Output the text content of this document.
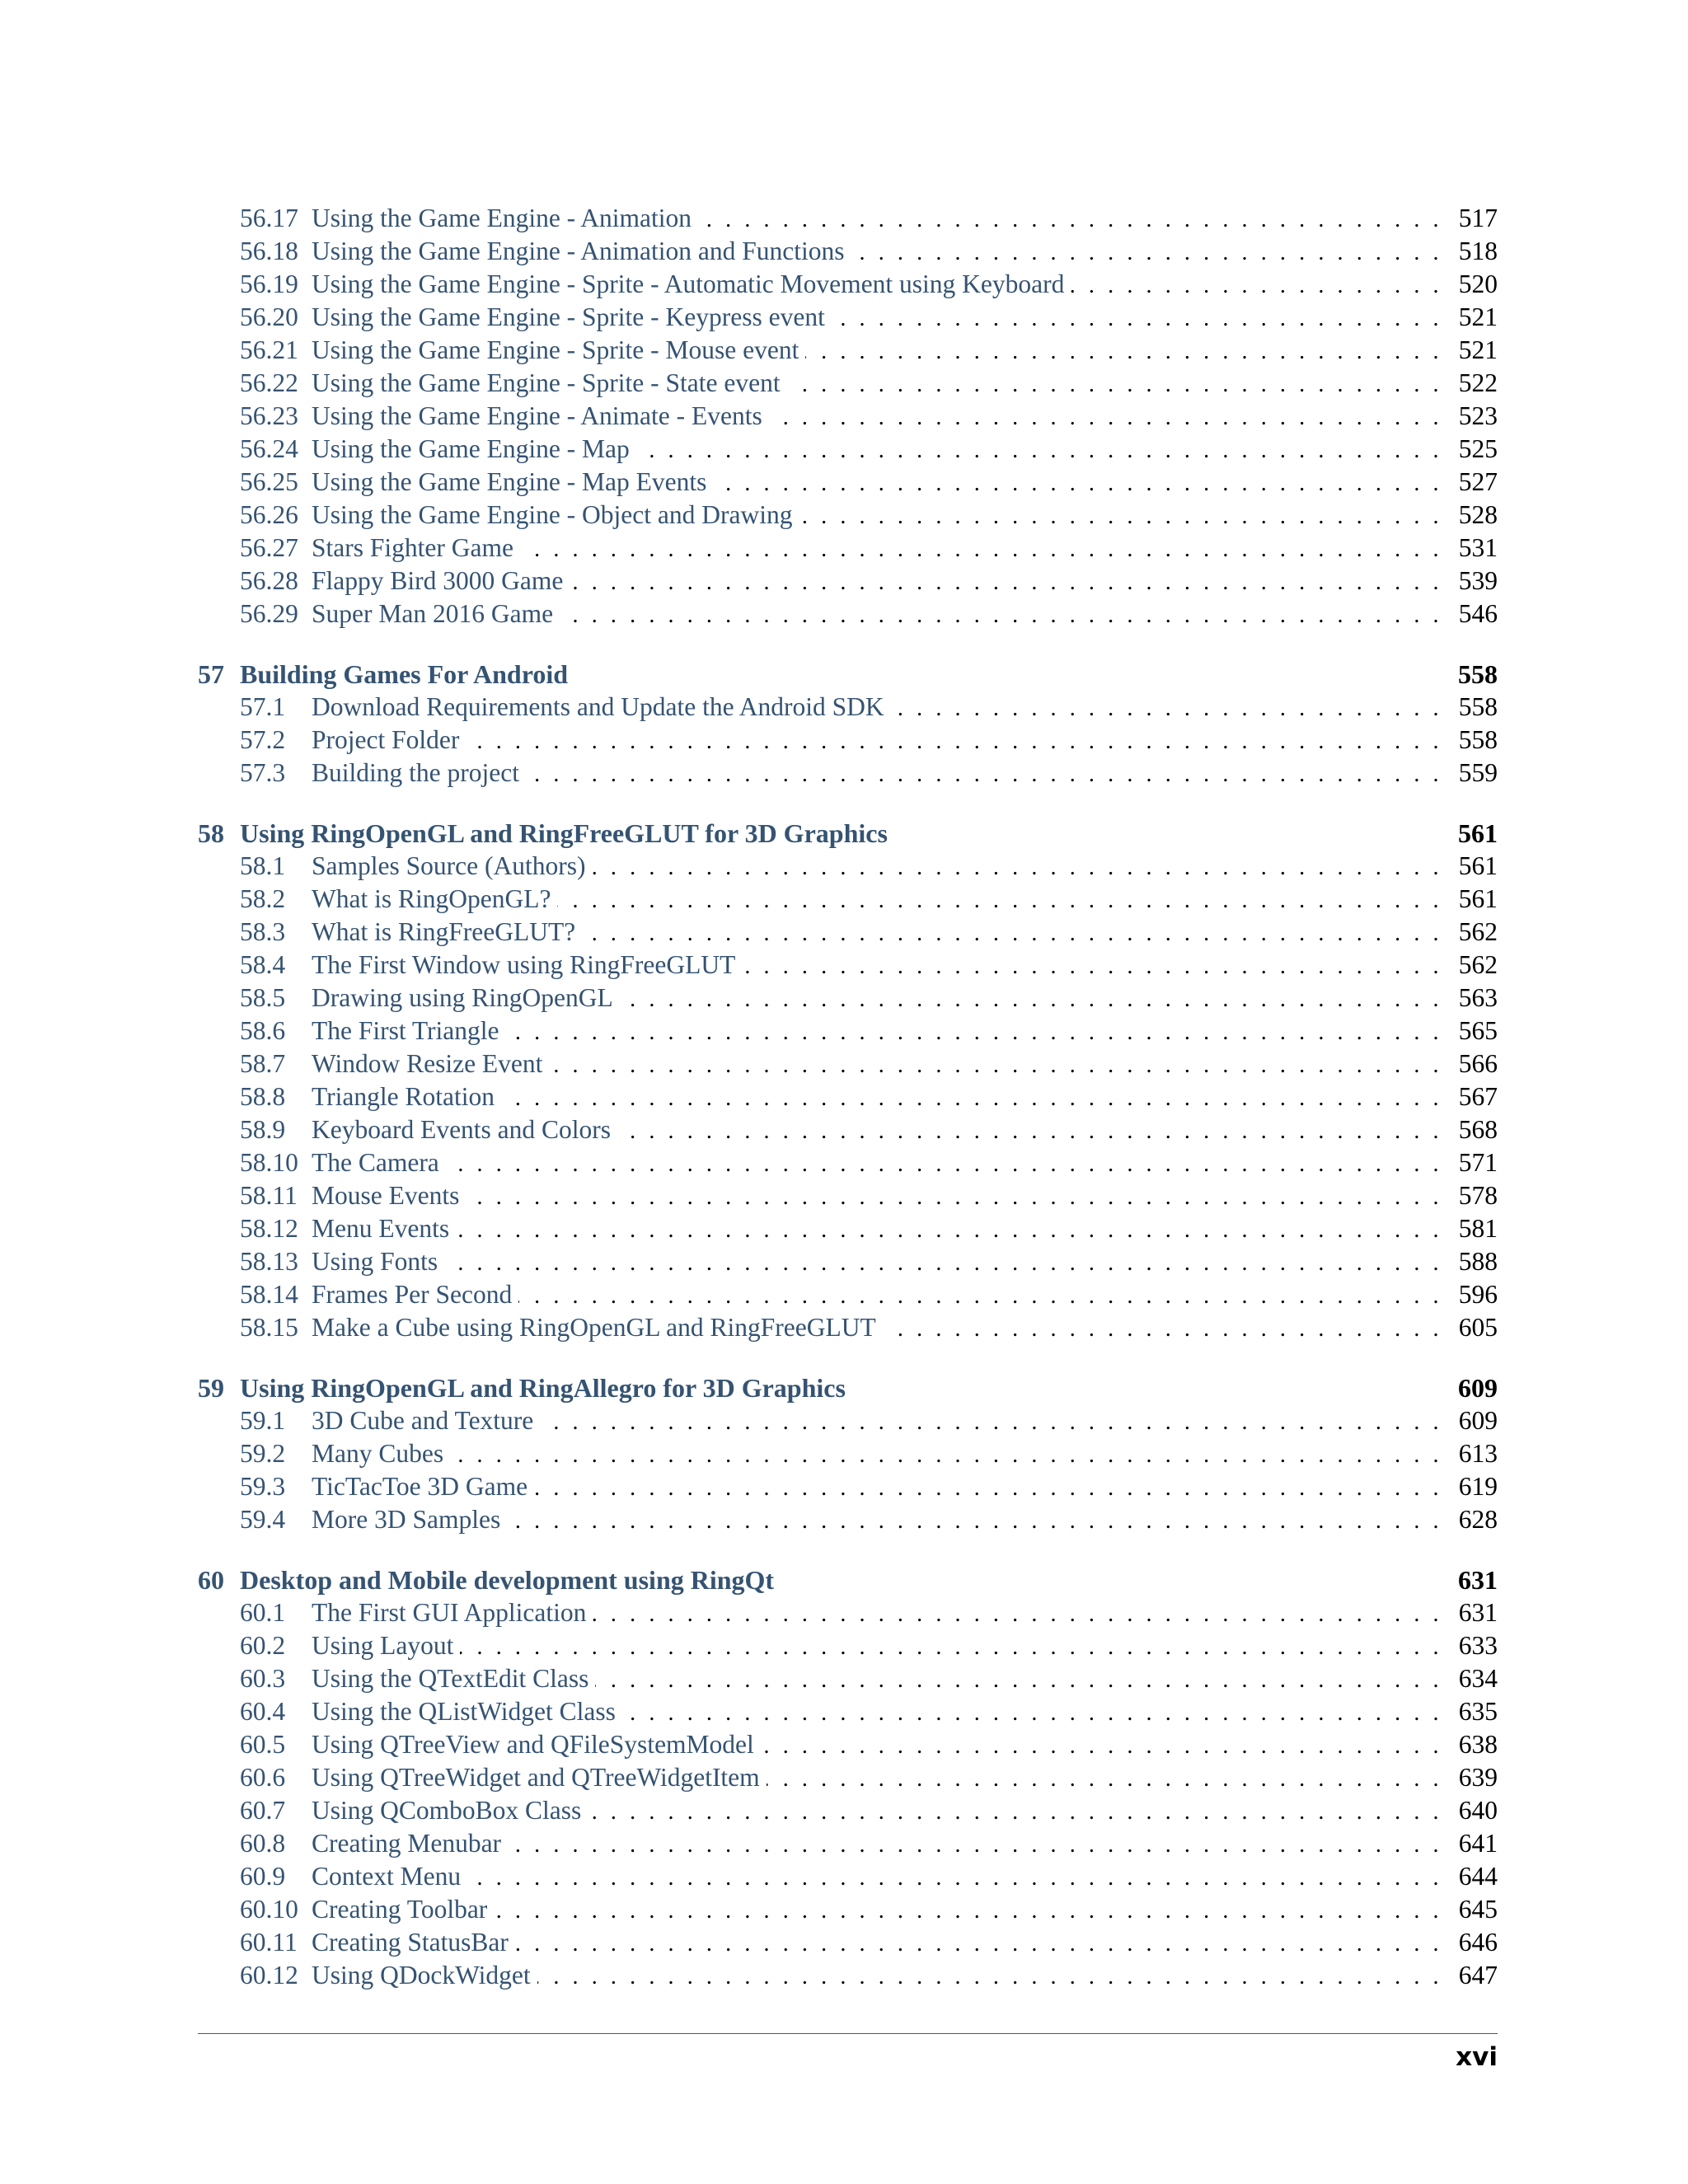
56.17 Using the Game Engine - Animation .....	517
56.18 Using the Game Engine - Animation and Functions .....	518
56.19 Using the Game Engine - Sprite - Automatic Movement using Keyboard .....	520
56.20 Using the Game Engine - Sprite - Keypress event .....	521
56.21 Using the Game Engine - Sprite - Mouse event .....	521
56.22 Using the Game Engine - Sprite - State event .....	522
56.23 Using the Game Engine - Animate - Events .....	523
56.24 Using the Game Engine - Map .....	525
56.25 Using the Game Engine - Map Events .....	527
56.26 Using the Game Engine - Object and Drawing .....	528
56.27 Stars Fighter Game .....	531
56.28 Flappy Bird 3000 Game .....	539
56.29 Super Man 2016 Game .....	546
57 Building Games For Android	558
57.1	Download Requirements and Update the Android SDK .....	558
57.2	Project Folder .....	558
57.3	Building the project .....	559
58 Using RingOpenGL and RingFreeGLUT for 3D Graphics	561
58.1	Samples Source (Authors) .....	561
58.2	What is RingOpenGL? .....	561
58.3	What is RingFreeGLUT? .....	562
58.4	The First Window using RingFreeGLUT .....	562
58.5	Drawing using RingOpenGL .....	563
58.6	The First Triangle .....	565
58.7	Window Resize Event .....	566
58.8	Triangle Rotation .....	567
58.9	Keyboard Events and Colors .....	568
58.10 The Camera .....	571
58.11 Mouse Events .....	578
58.12 Menu Events .....	581
58.13 Using Fonts .....	588
58.14 Frames Per Second .....	596
58.15 Make a Cube using RingOpenGL and RingFreeGLUT .....	605
59 Using RingOpenGL and RingAllegro for 3D Graphics	609
59.1	3D Cube and Texture .....	609
59.2	Many Cubes .....	613
59.3	TicTacToe 3D Game .....	619
59.4	More 3D Samples .....	628
60 Desktop and Mobile development using RingQt	631
60.1	The First GUI Application .....	631
60.2	Using Layout .....	633
60.3	Using the QTextEdit Class .....	634
60.4	Using the QListWidget Class .....	635
60.5	Using QTreeView and QFileSystemModel .....	638
60.6	Using QTreeWidget and QTreeWidgetItem .....	639
60.7	Using QComboBox Class .....	640
60.8	Creating Menubar .....	641
60.9	Context Menu .....	644
60.10 Creating Toolbar .....	645
60.11 Creating StatusBar .....	646
60.12 Using QDockWidget .....	647
xvi
